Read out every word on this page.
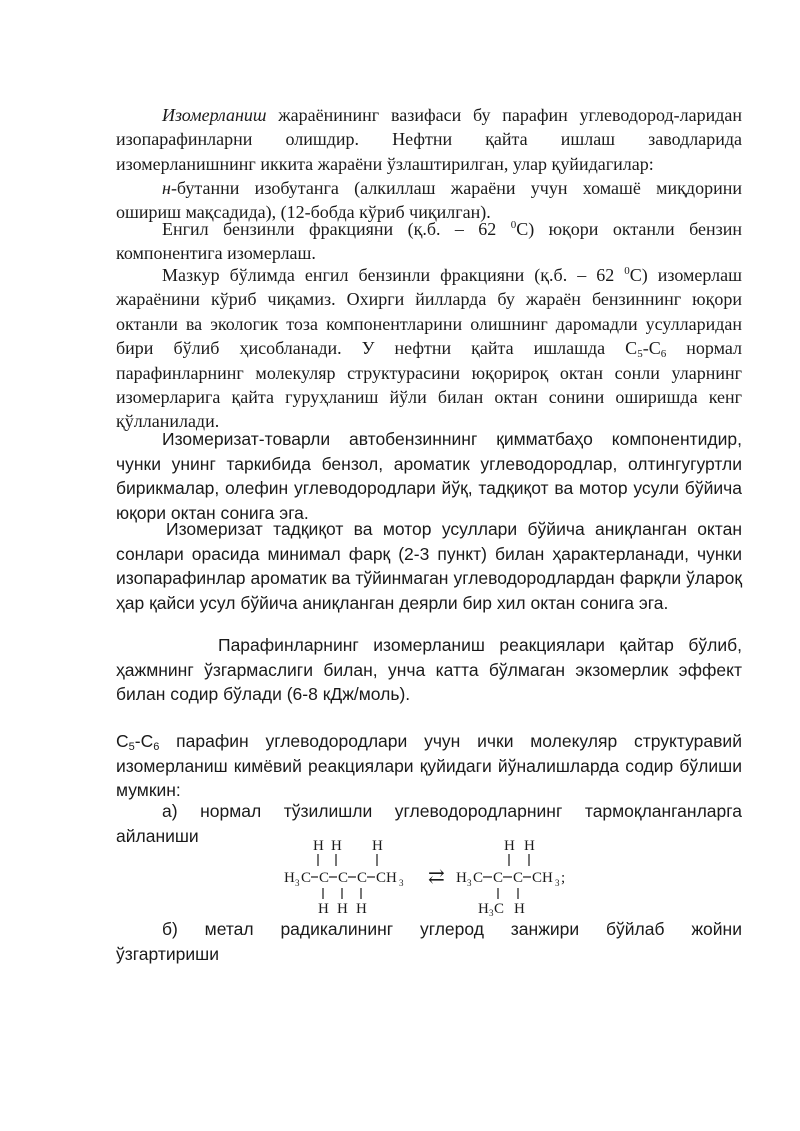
Изомерланиш жараёнининг вазифаси бу парафин углеводород-ларидан изопарафинларни олишдир. Нефтни қайта ишлаш заводларида изомерланишнинг иккита жараёни ўзлаштирилган, улар қуйидагилар:

н-бутанни изобутанга (алкиллаш жараёни учун хомашё миқдорини ошириш мақсадида), (12-бобда кўриб чиқилган).

Енгил бензинли фракцияни (қ.б. – 62 $^0$С) юқори октанли бензин компонентига изомерлаш.

Мазкур бўлимда енгил бензинли фракцияни (қ.б. – 62 $^0$С) изомерлаш жараёнини кўриб чиқамиз. Охирги йилларда бу жараён бензиннинг юқори октанли ва экологик тоза компонентларини олишнинг даромадли усулларидан бири бўлиб ҳисобланади. У нефтни қайта ишлашда $С_5-С_6$ нормал парафинларнинг молекуляр структурасини юқорироқ октан сонли уларнинг изомерларига қайта гуруҳланиш йўли билан октан сонини оширишда кенг қўлланилади.

Изомеризат-товарли автобензиннинг қимматбаҳо компонентидир, чунки унинг таркибида бензол, ароматик углеводородлар, олтингугуртли бирикмалар, олефин углеводородлари йўқ, тадқиқот ва мотор усули бўйича юқори октан сонига эга.

Изомеризат тадқиқот ва мотор усуллари бўйича аниқланган октан сонлари орасида минимал фарқ (2-3 пункт) билан ҳарактерланади, чунки изопарафинлар ароматик ва тўйинмаган углеводородлардан фарқли ўлароқ ҳар қайси усул бўйича аниқланган деярли бир хил октан сонига эга.

Парафинларнинг изомерланиш реакциялари қайтар бўлиб, ҳажмнинг ўзгармаслиги билан, унча катта бўлмаган экзомерлик эффект билан содир бўлади (6-8 кДж/моль).

$С_5-С_6$ парафин углеводородлари учун ички молекуляр структуравий изомерланиш кимёвий реакциялари қуйидаги йўналишларда содир бўлиши мумкин:

а) нормал тўзилишли углеводородларнинг тармоқланганларга айланиши

H H H
H 3 C C C C CH 3
H H H
⇄
H H
H 3 C C C CH 3 ;
H 3 C H

б) метал радикалининг углерод занжири бўйлаб жойни ўзгартириши
